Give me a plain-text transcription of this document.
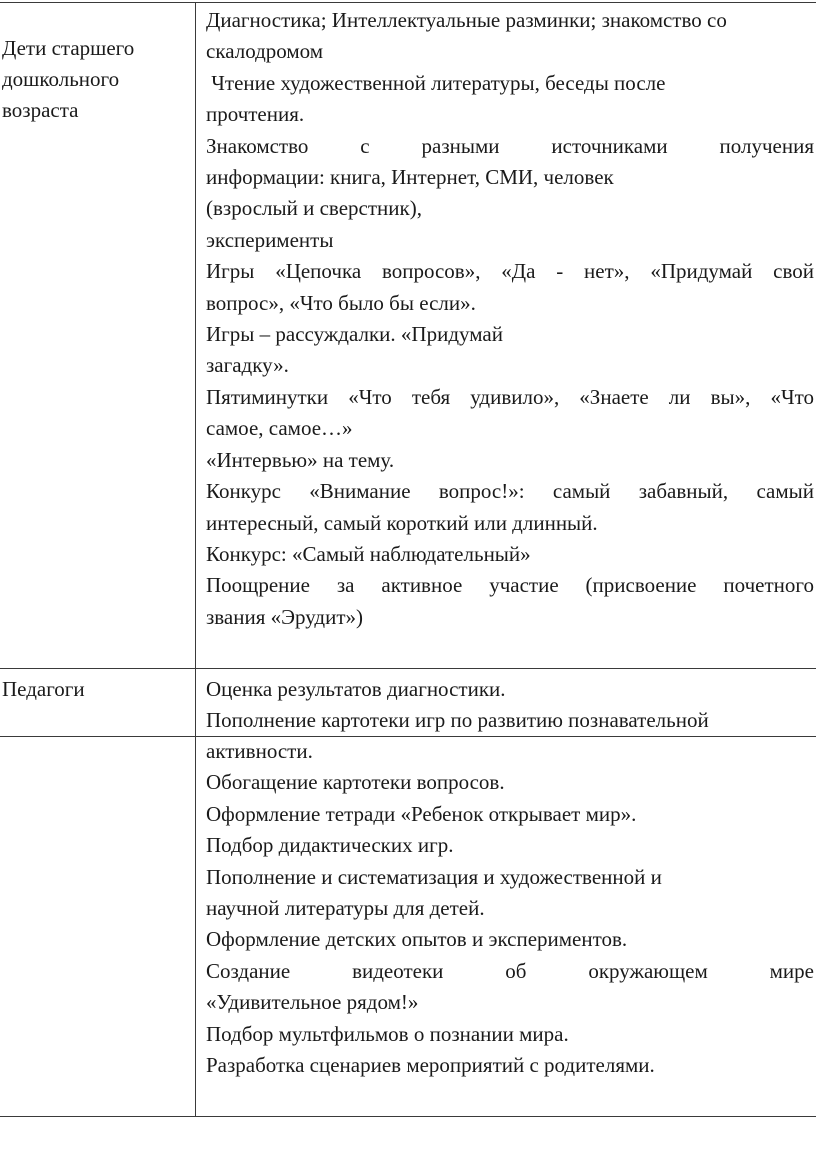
Дети старшего дошкольного возраста
Диагностика; Интеллектуальные разминки; знакомство со
скалодромом
Чтение художественной литературы, беседы после
прочтения.
Знакомство с разными источниками получения
информации: книга, Интернет, СМИ, человек
(взрослый и сверстник),
эксперименты
Игры «Цепочка вопросов», «Да - нет», «Придумай свой
вопрос», «Что было бы если».
Игры – рассуждалки. «Придумай
загадку».
Пятиминутки «Что тебя удивило», «Знаете ли вы», «Что
самое, самое…»
«Интервью» на тему.
Конкурс «Внимание вопрос!»: самый забавный, самый
интересный, самый короткий или длинный.
Конкурс: «Самый наблюдательный»
Поощрение за активное участие (присвоение почетного
звания «Эрудит»)
Педагоги	Оценка результатов диагностики.
Пополнение картотеки игр по развитию познавательной
активности.
Обогащение картотеки вопросов.
Оформление тетради «Ребенок открывает мир».
Подбор дидактических игр.
Пополнение и систематизация и художественной и
научной литературы для детей.
Оформление детских опытов и экспериментов.
Создание видеотеки об окружающем мире
«Удивительное рядом!»
Подбор мультфильмов о познании мира.
Разработка сценариев мероприятий с родителями.
